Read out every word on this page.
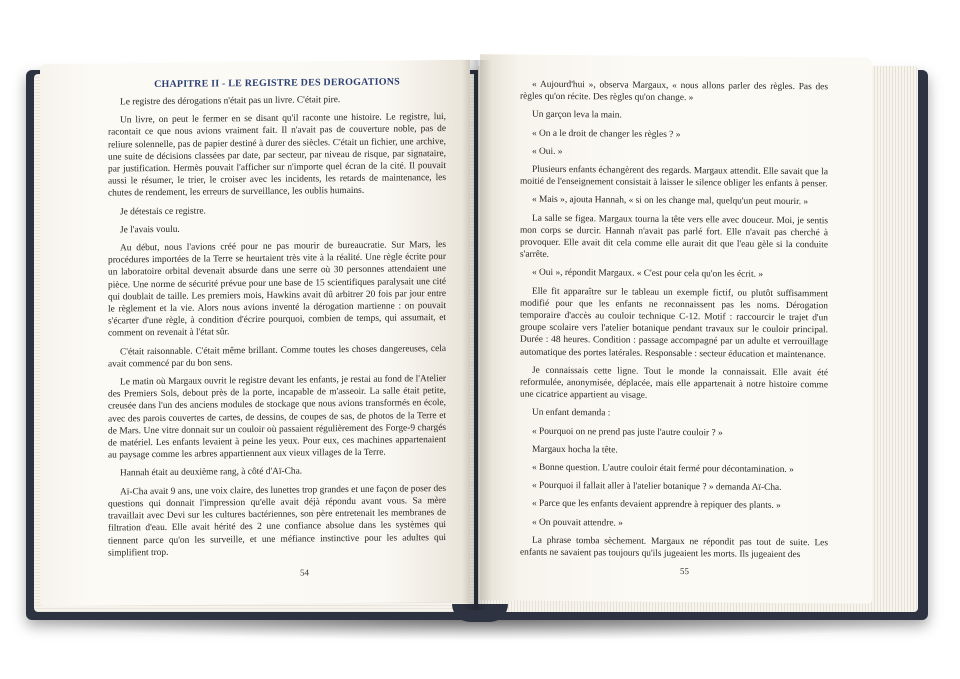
CHAPITRE II - LE REGISTRE DES DEROGATIONS

Le registre des dérogations n'était pas un livre. C'était pire.

Un livre, on peut le fermer en se disant qu'il raconte une histoire. Le registre, lui, racontait ce que nous avions vraiment fait. Il n'avait pas de couverture noble, pas de reliure solennelle, pas de papier destiné à durer des siècles. C'était un fichier, une archive, une suite de décisions classées par date, par secteur, par niveau de risque, par signataire, par justification. Hermès pouvait l'afficher sur n'importe quel écran de la cité. Il pouvait aussi le résumer, le trier, le croiser avec les incidents, les retards de maintenance, les chutes de rendement, les erreurs de surveillance, les oublis humains.

Je détestais ce registre.

Je l'avais voulu.

Au début, nous l'avions créé pour ne pas mourir de bureaucratie. Sur Mars, les procédures importées de la Terre se heurtaient très vite à la réalité. Une règle écrite pour un laboratoire orbital devenait absurde dans une serre où 30 personnes attendaient une pièce. Une norme de sécurité prévue pour une base de 15 scientifiques paralysait une cité qui doublait de taille. Les premiers mois, Hawkins avait dû arbitrer 20 fois par jour entre le règlement et la vie. Alors nous avions inventé la dérogation martienne : on pouvait s'écarter d'une règle, à condition d'écrire pourquoi, combien de temps, qui assumait, et comment on revenait à l'état sûr.

C'était raisonnable. C'était même brillant. Comme toutes les choses dangereuses, cela avait commencé par du bon sens.

Le matin où Margaux ouvrit le registre devant les enfants, je restai au fond de l'Atelier des Premiers Sols, debout près de la porte, incapable de m'asseoir. La salle était petite, creusée dans l'un des anciens modules de stockage que nous avions transformés en école, avec des parois couvertes de cartes, de dessins, de coupes de sas, de photos de la Terre et de Mars. Une vitre donnait sur un couloir où passaient régulièrement des Forge-9 chargés de matériel. Les enfants levaient à peine les yeux. Pour eux, ces machines appartenaient au paysage comme les arbres appartiennent aux vieux villages de la Terre.

Hannah était au deuxième rang, à côté d'Aï-Cha.

Aï-Cha avait 9 ans, une voix claire, des lunettes trop grandes et une façon de poser des questions qui donnait l'impression qu'elle avait déjà répondu avant vous. Sa mère travaillait avec Devi sur les cultures bactériennes, son père entretenait les membranes de filtration d'eau. Elle avait hérité des 2 une confiance absolue dans les systèmes qui tiennent parce qu'on les surveille, et une méfiance instinctive pour les adultes qui simplifient trop.

54

« Aujourd'hui », observa Margaux, « nous allons parler des règles. Pas des règles qu'on récite. Des règles qu'on change. »

Un garçon leva la main.

« On a le droit de changer les règles ? »

« Oui. »

Plusieurs enfants échangèrent des regards. Margaux attendit. Elle savait que la moitié de l'enseignement consistait à laisser le silence obliger les enfants à penser.

« Mais », ajouta Hannah, « si on les change mal, quelqu'un peut mourir. »

La salle se figea. Margaux tourna la tête vers elle avec douceur. Moi, je sentis mon corps se durcir. Hannah n'avait pas parlé fort. Elle n'avait pas cherché à provoquer. Elle avait dit cela comme elle aurait dit que l'eau gèle si la conduite s'arrête.

« Oui », répondit Margaux. « C'est pour cela qu'on les écrit. »

Elle fit apparaître sur le tableau un exemple fictif, ou plutôt suffisamment modifié pour que les enfants ne reconnaissent pas les noms. Dérogation temporaire d'accès au couloir technique C-12. Motif : raccourcir le trajet d'un groupe scolaire vers l'atelier botanique pendant travaux sur le couloir principal. Durée : 48 heures. Condition : passage accompagné par un adulte et verrouillage automatique des portes latérales. Responsable : secteur éducation et maintenance.

Je connaissais cette ligne. Tout le monde la connaissait. Elle avait été reformulée, anonymisée, déplacée, mais elle appartenait à notre histoire comme une cicatrice appartient au visage.

Un enfant demanda :

« Pourquoi on ne prend pas juste l'autre couloir ? »

Margaux hocha la tête.

« Bonne question. L'autre couloir était fermé pour décontamination. »

« Pourquoi il fallait aller à l'atelier botanique ? » demanda Aï-Cha.

« Parce que les enfants devaient apprendre à repiquer des plants. »

« On pouvait attendre. »

La phrase tomba sèchement. Margaux ne répondit pas tout de suite. Les enfants ne savaient pas toujours qu'ils jugeaient les morts. Ils jugeaient des

55
